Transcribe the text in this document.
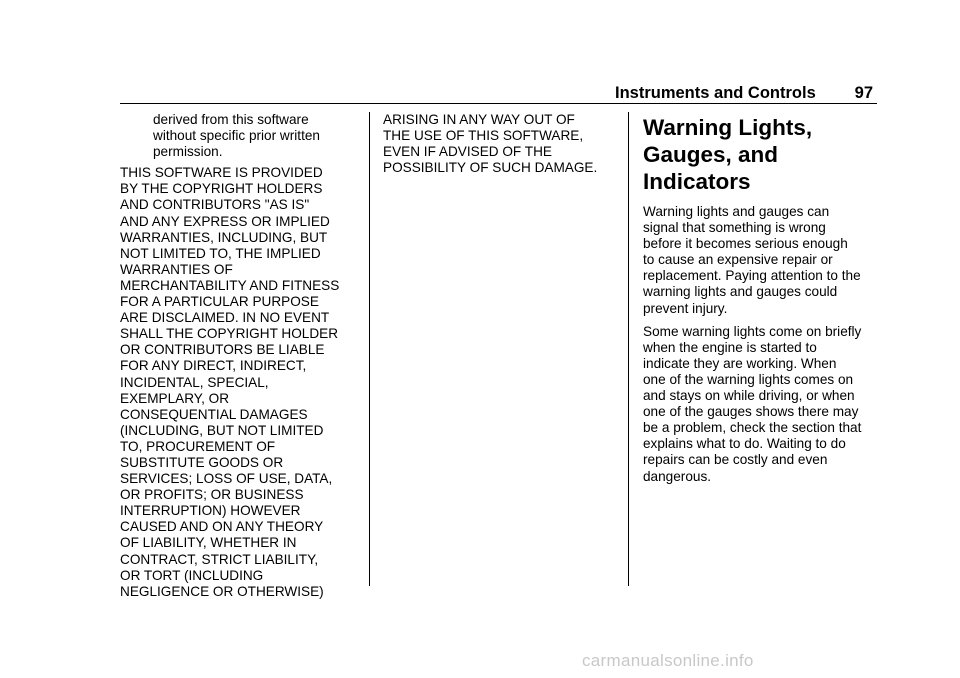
Instruments and Controls 97

derived from this software
without specific prior written
permission.

THIS SOFTWARE IS PROVIDED
BY THE COPYRIGHT HOLDERS
AND CONTRIBUTORS "AS IS"
AND ANY EXPRESS OR IMPLIED
WARRANTIES, INCLUDING, BUT
NOT LIMITED TO, THE IMPLIED
WARRANTIES OF
MERCHANTABILITY AND FITNESS
FOR A PARTICULAR PURPOSE
ARE DISCLAIMED. IN NO EVENT
SHALL THE COPYRIGHT HOLDER
OR CONTRIBUTORS BE LIABLE
FOR ANY DIRECT, INDIRECT,
INCIDENTAL, SPECIAL,
EXEMPLARY, OR
CONSEQUENTIAL DAMAGES
(INCLUDING, BUT NOT LIMITED
TO, PROCUREMENT OF
SUBSTITUTE GOODS OR
SERVICES; LOSS OF USE, DATA,
OR PROFITS; OR BUSINESS
INTERRUPTION) HOWEVER
CAUSED AND ON ANY THEORY
OF LIABILITY, WHETHER IN
CONTRACT, STRICT LIABILITY,
OR TORT (INCLUDING
NEGLIGENCE OR OTHERWISE)

ARISING IN ANY WAY OUT OF
THE USE OF THIS SOFTWARE,
EVEN IF ADVISED OF THE
POSSIBILITY OF SUCH DAMAGE.

Warning Lights,
Gauges, and
Indicators

Warning lights and gauges can
signal that something is wrong
before it becomes serious enough
to cause an expensive repair or
replacement. Paying attention to the
warning lights and gauges could
prevent injury.

Some warning lights come on briefly
when the engine is started to
indicate they are working. When
one of the warning lights comes on
and stays on while driving, or when
one of the gauges shows there may
be a problem, check the section that
explains what to do. Waiting to do
repairs can be costly and even
dangerous.

carmanualsonline.info
